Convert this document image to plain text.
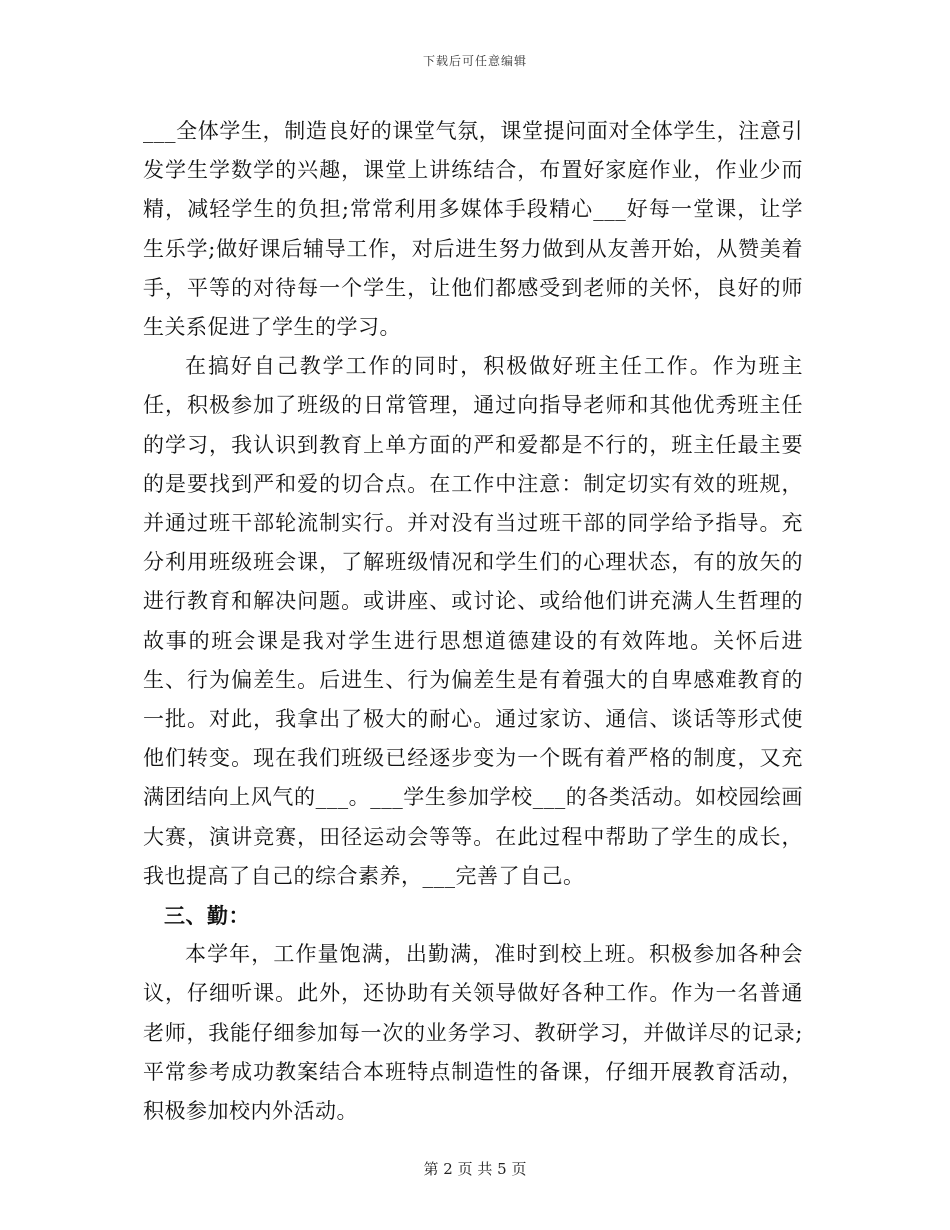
下载后可任意编辑

___全体学生，制造良好的课堂气氛，课堂提问面对全体学生，注意引发学生学数学的兴趣，课堂上讲练结合，布置好家庭作业，作业少而精，减轻学生的负担;常常利用多媒体手段精心___好每一堂课，让学生乐学;做好课后辅导工作，对后进生努力做到从友善开始，从赞美着手，平等的对待每一个学生，让他们都感受到老师的关怀，良好的师生关系促进了学生的学习。

在搞好自己教学工作的同时，积极做好班主任工作。作为班主任，积极参加了班级的日常管理，通过向指导老师和其他优秀班主任的学习，我认识到教育上单方面的严和爱都是不行的，班主任最主要的是要找到严和爱的切合点。在工作中注意：制定切实有效的班规，并通过班干部轮流制实行。并对没有当过班干部的同学给予指导。充分利用班级班会课，了解班级情况和学生们的心理状态，有的放矢的进行教育和解决问题。或讲座、或讨论、或给他们讲充满人生哲理的故事的班会课是我对学生进行思想道德建设的有效阵地。关怀后进生、行为偏差生。后进生、行为偏差生是有着强大的自卑感难教育的一批。对此，我拿出了极大的耐心。通过家访、通信、谈话等形式使他们转变。现在我们班级已经逐步变为一个既有着严格的制度，又充满团结向上风气的___。___学生参加学校___的各类活动。如校园绘画大赛，演讲竞赛，田径运动会等等。在此过程中帮助了学生的成长，我也提高了自己的综合素养，___完善了自己。

三、勤：

本学年，工作量饱满，出勤满，准时到校上班。积极参加各种会议，仔细听课。此外，还协助有关领导做好各种工作。作为一名普通老师，我能仔细参加每一次的业务学习、教研学习，并做详尽的记录;平常参考成功教案结合本班特点制造性的备课，仔细开展教育活动，积极参加校内外活动。

第 2 页 共 5 页
